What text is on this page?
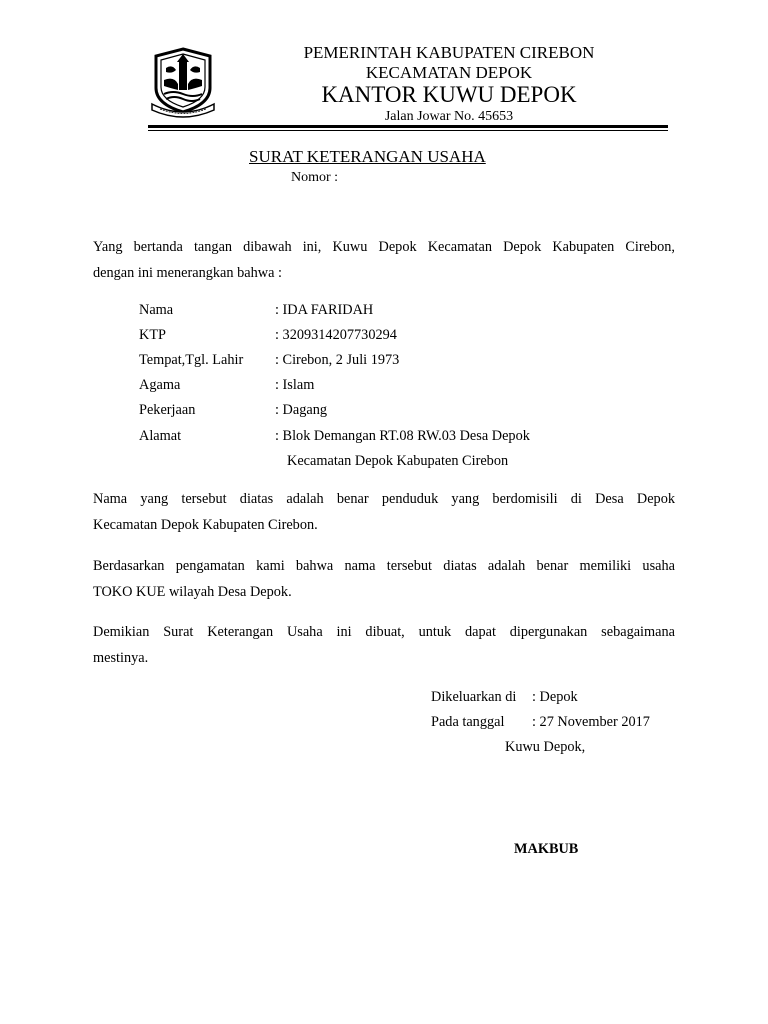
PEMERINTAH KABUPATEN CIREBON
KECAMATAN DEPOK
KANTOR KUWU DEPOK
Jalan Jowar No. 45653
SURAT KETERANGAN USAHA
Nomor :
Yang bertanda tangan dibawah ini, Kuwu Depok Kecamatan Depok Kabupaten Cirebon,
dengan ini menerangkan bahwa :
Nama	: IDA FARIDAH
KTP	: 3209314207730294
Tempat,Tgl. Lahir : Cirebon, 2 Juli 1973
Agama	: Islam
Pekerjaan	: Dagang
Alamat	: Blok Demangan RT.08 RW.03 Desa Depok
Kecamatan Depok Kabupaten Cirebon
Nama yang tersebut diatas adalah benar penduduk yang berdomisili di Desa Depok
Kecamatan Depok Kabupaten Cirebon.
Berdasarkan pengamatan kami bahwa nama tersebut diatas adalah benar memiliki usaha
TOKO KUE wilayah Desa Depok.
Demikian Surat Keterangan Usaha ini dibuat, untuk dapat dipergunakan sebagaimana
mestinya.
Dikeluarkan di : Depok
Pada tanggal : 27 November 2017
Kuwu Depok,
MAKBUB
